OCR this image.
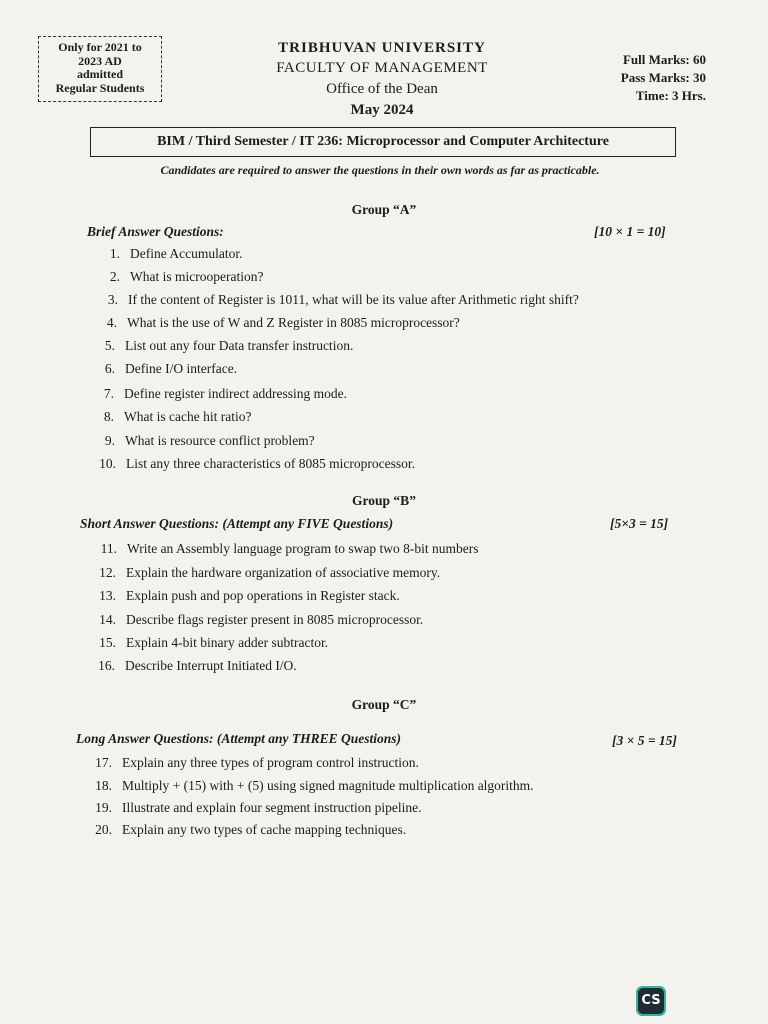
Only for 2021 to
2023 AD
admitted
Regular Students
TRIBHUVAN UNIVERSITY
FACULTY OF MANAGEMENT
Office of the Dean
May 2024
Full Marks: 60
Pass Marks: 30
Time: 3 Hrs.
BIM / Third Semester / IT 236: Microprocessor and Computer Architecture
Candidates are required to answer the questions in their own words as far as practicable.
Group “A”
Brief Answer Questions:	[10 × 1 = 10]
1. Define Accumulator.
2. What is microoperation?
3. If the content of Register is 1011, what will be its value after Arithmetic right shift?
4. What is the use of W and Z Register in 8085 microprocessor?
5. List out any four Data transfer instruction.
6. Define I/O interface.
7. Define register indirect addressing mode.
8. What is cache hit ratio?
9. What is resource conflict problem?
10. List any three characteristics of 8085 microprocessor.
Group “B”
Short Answer Questions: (Attempt any FIVE Questions)	[5×3 = 15]
11. Write an Assembly language program to swap two 8-bit numbers
12. Explain the hardware organization of associative memory.
13. Explain push and pop operations in Register stack.
14. Describe flags register present in 8085 microprocessor.
15. Explain 4-bit binary adder subtractor.
16. Describe Interrupt Initiated I/O.
Group “C”
Long Answer Questions: (Attempt any THREE Questions)	[3 × 5 = 15]
17. Explain any three types of program control instruction.
18. Multiply + (15) with + (5) using signed magnitude multiplication algorithm.
19. Illustrate and explain four segment instruction pipeline.
20. Explain any two types of cache mapping techniques.
CS
